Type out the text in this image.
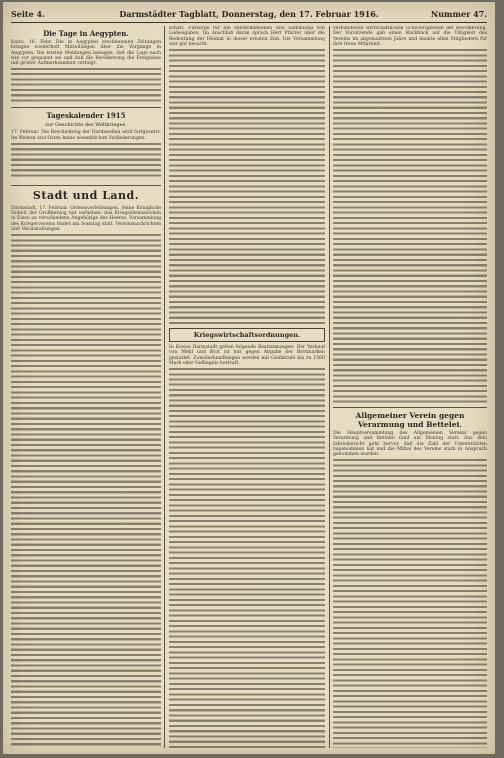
Seite 4.	Darmstädter Tagblatt, Donnerstag, den 17. Februar 1916.	Nummer 47.
Die Tage in Aegypten.
Kairo, 16. Febr. Die in Aegypten erschienenen Zeitungen bringen wiederholt Mitteilungen über die Vorgänge in Aegypten. Die letzten Meldungen besagen, daß die Lage nach wie vor gespannt sei und daß die Bevölkerung die Ereignisse mit großer Aufmerksamkeit verfolgt.
Tageskalender 1915
zur Geschichte des Weltkrieges.
17. Februar. Die Beschießung der Dardanellen wird fortgesetzt. Im Westen und Osten keine wesentlichen Veränderungen.
Stadt und Land.
Darmstadt, 17. Februar. Ordensverleihungen. Seine Königliche Hoheit der Großherzog hat verliehen: das Kriegsehrenzeichen in Eisen an verschiedene Angehörige des Heeres. Versammlung des Kriegervereins findet am Sonntag statt. Vereinsnachrichten und Veranstaltungen.
schaft, Fürsorge für die Hinterbliebenen und Sammlung von Liebesgaben. Im Anschluß daran sprach Herr Pfarrer über die Bedeutung der Heimat in dieser ernsten Zeit. Die Versammlung war gut besucht.
Kriegswirtschaftsordnungen.
In Kreise Darmstadt gelten folgende Bestimmungen: Der Verkauf von Mehl und Brot ist nur gegen Abgabe der Brotmarken gestattet. Zuwiderhandlungen werden mit Geldstrafe bis zu 1500 Mark oder Gefängnis bestraft.
verbundenen wirtschaftlichen Schwierigkeiten der Bevölkerung. Der Vorsitzende gab einen Rückblick auf die Tätigkeit des Vereins im abgelaufenen Jahre und dankte allen Mitgliedern für ihre treue Mitarbeit.
Allgemeiner Verein gegen Verarmung und Bettelei.
Die Hauptversammlung des Allgemeinen Vereins gegen Verarmung und Bettelei fand am Montag statt. Aus dem Jahresbericht geht hervor, daß die Zahl der Unterstützten zugenommen hat und die Mittel des Vereins stark in Anspruch genommen wurden.
